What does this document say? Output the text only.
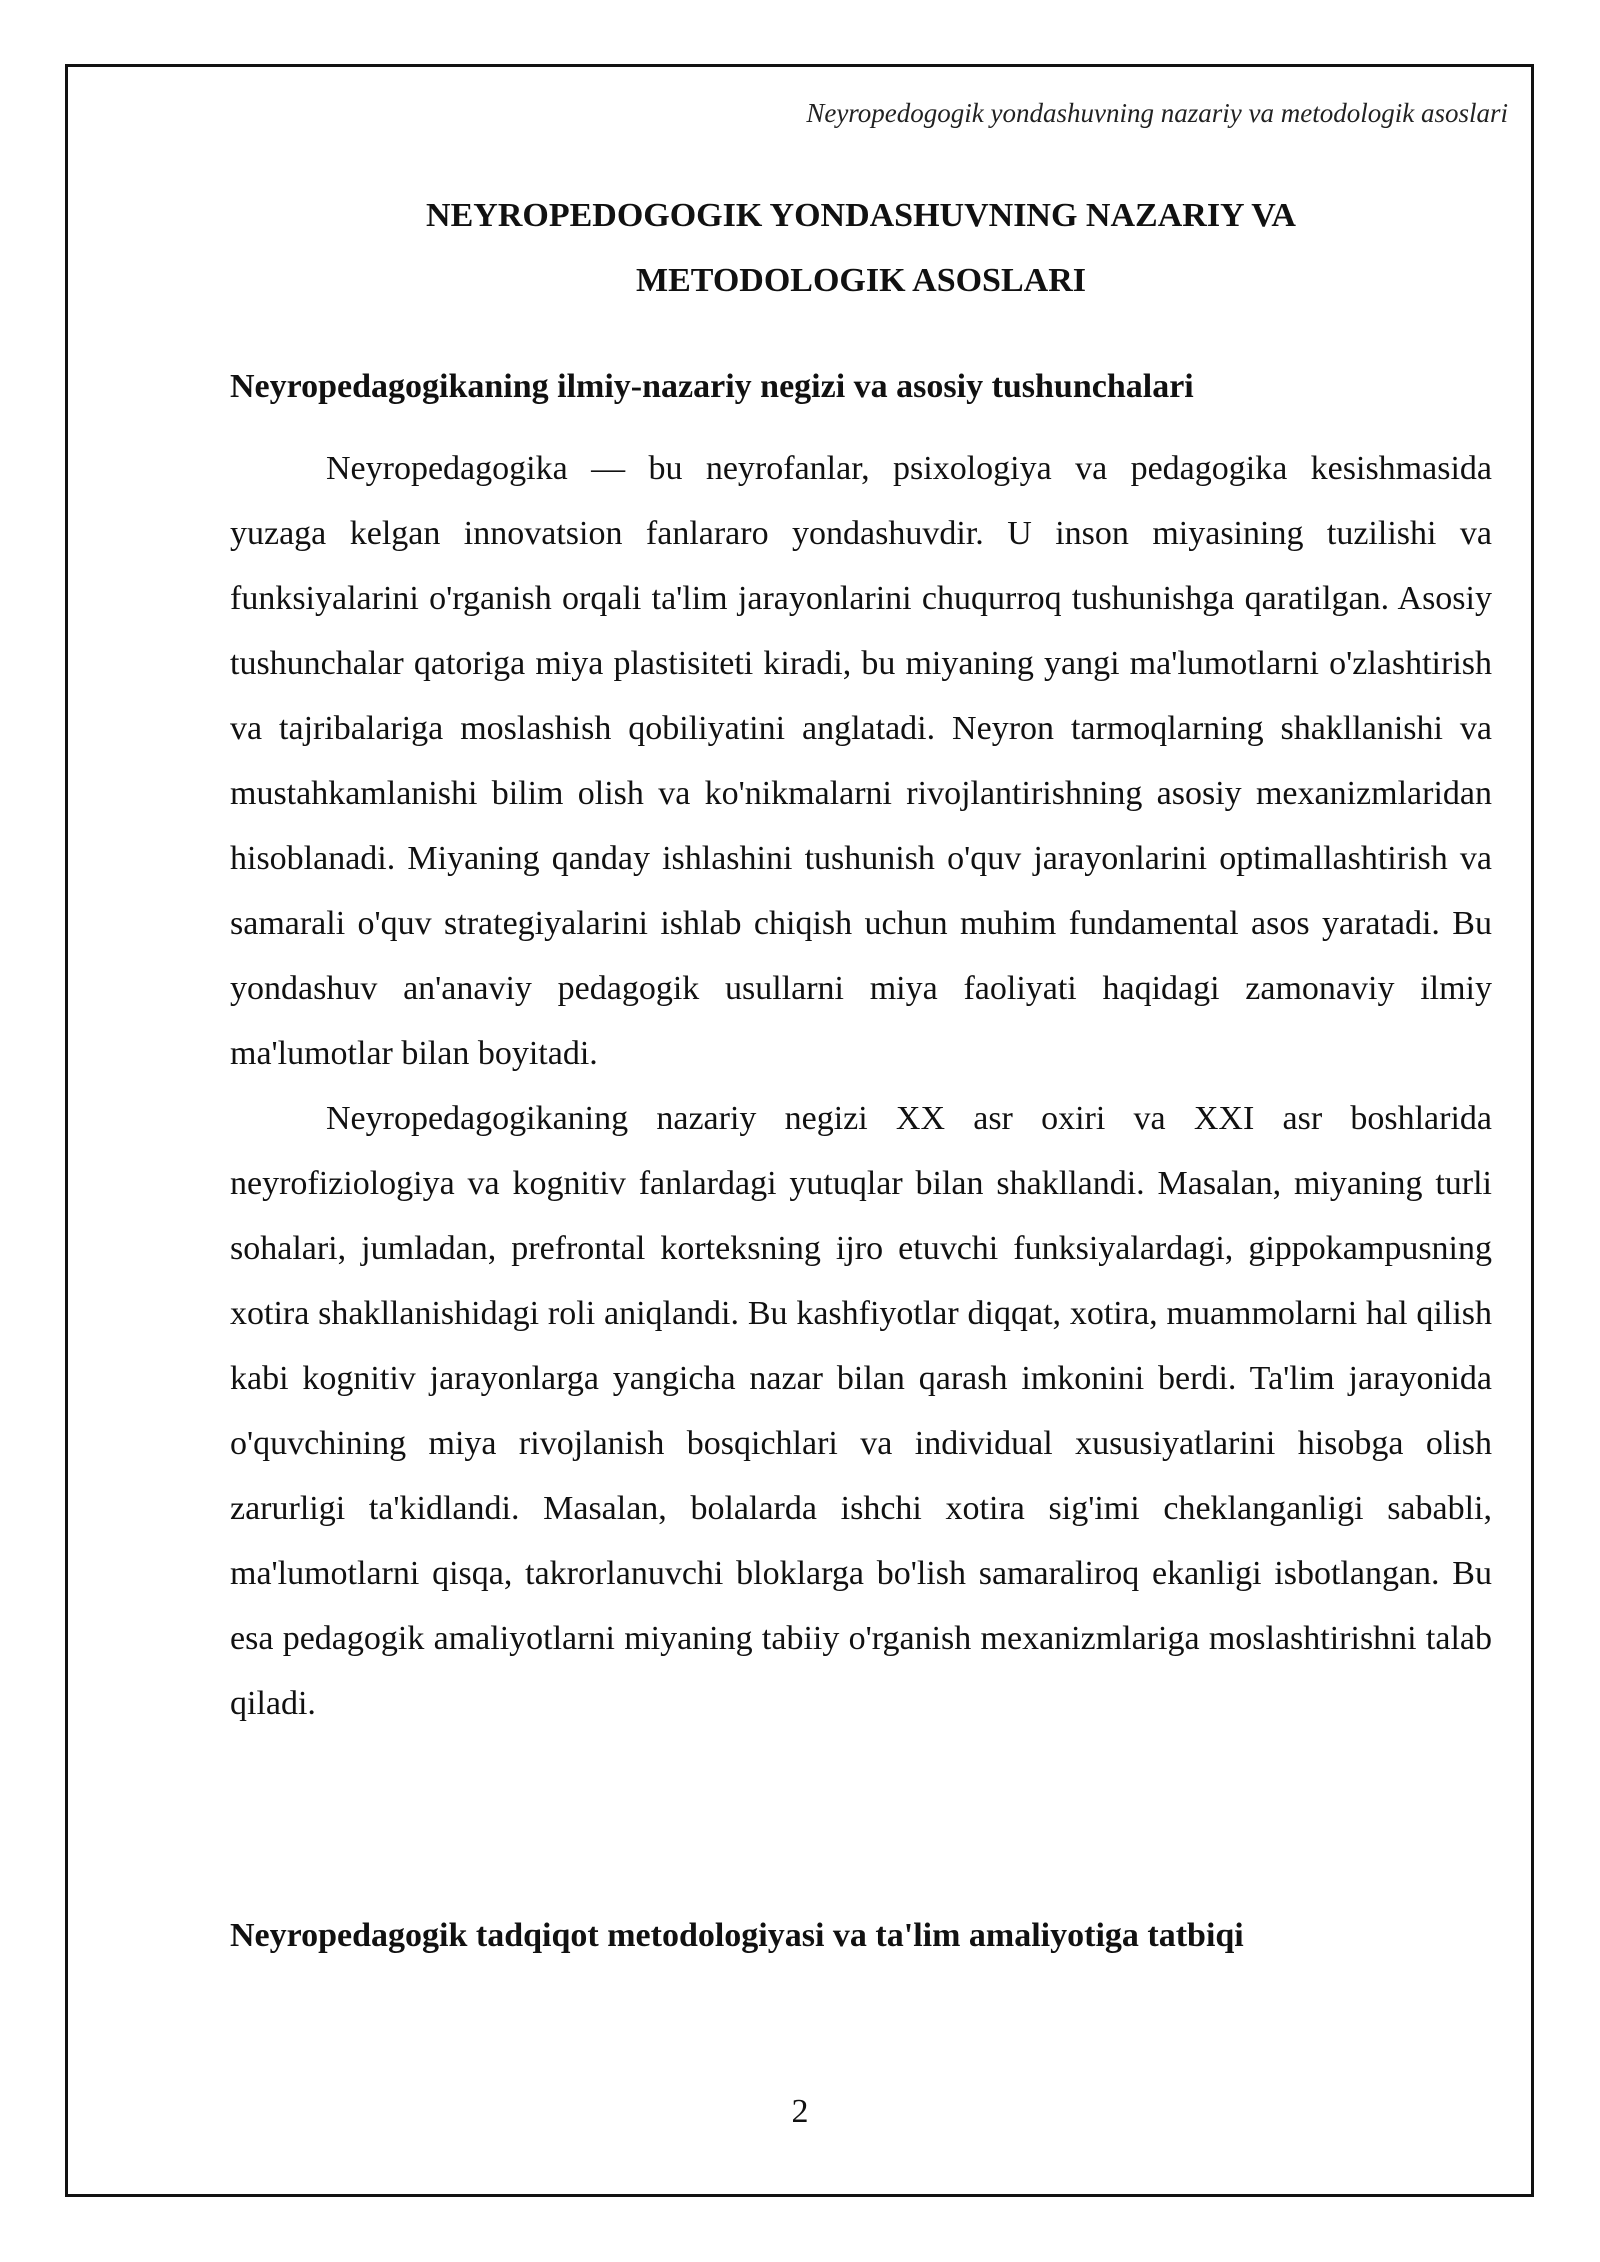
Neyropedogogik yondashuvning nazariy va metodologik asoslari
NEYROPEDOGOGIK YONDASHUVNING NAZARIY VA
METODOLOGIK ASOSLARI
Neyropedagogikaning ilmiy-nazariy negizi va asosiy tushunchalari

Neyropedagogika — bu neyrofanlar, psixologiya va pedagogika kesishmasida yuzaga kelgan innovatsion fanlararo yondashuvdir. U inson miyasining tuzilishi va funksiyalarini o'rganish orqali ta'lim jarayonlarini chuqurroq tushunishga qaratilgan. Asosiy tushunchalar qatoriga miya plastisiteti kiradi, bu miyaning yangi ma'lumotlarni o'zlashtirish va tajribalariga moslashish qobiliyatini anglatadi. Neyron tarmoqlarning shakllanishi va mustahkamlanishi bilim olish va ko'nikmalarni rivojlantirishning asosiy mexanizmlaridan hisoblanadi. Miyaning qanday ishlashini tushunish o'quv jarayonlarini optimallashtirish va samarali o'quv strategiyalarini ishlab chiqish uchun muhim fundamental asos yaratadi. Bu yondashuv an'anaviy pedagogik usullarni miya faoliyati haqidagi zamonaviy ilmiy ma'lumotlar bilan boyitadi.

Neyropedagogikaning nazariy negizi XX asr oxiri va XXI asr boshlarida neyrofiziologiya va kognitiv fanlardagi yutuqlar bilan shakllandi. Masalan, miyaning turli sohalari, jumladan, prefrontal korteksning ijro etuvchi funksiyalardagi, gippokampusning xotira shakllanishidagi roli aniqlandi. Bu kashfiyotlar diqqat, xotira, muammolarni hal qilish kabi kognitiv jarayonlarga yangicha nazar bilan qarash imkonini berdi. Ta'lim jarayonida o'quvchining miya rivojlanish bosqichlari va individual xususiyatlarini hisobga olish zarurligi ta'kidlandi. Masalan, bolalarda ishchi xotira sig'imi cheklanganligi sababli, ma'lumotlarni qisqa, takrorlanuvchi bloklarga bo'lish samaraliroq ekanligi isbotlangan. Bu esa pedagogik amaliyotlarni miyaning tabiiy o'rganish mexanizmlariga moslashtirishni talab qiladi.

Neyropedagogik tadqiqot metodologiyasi va ta'lim amaliyotiga tatbiqi
2
